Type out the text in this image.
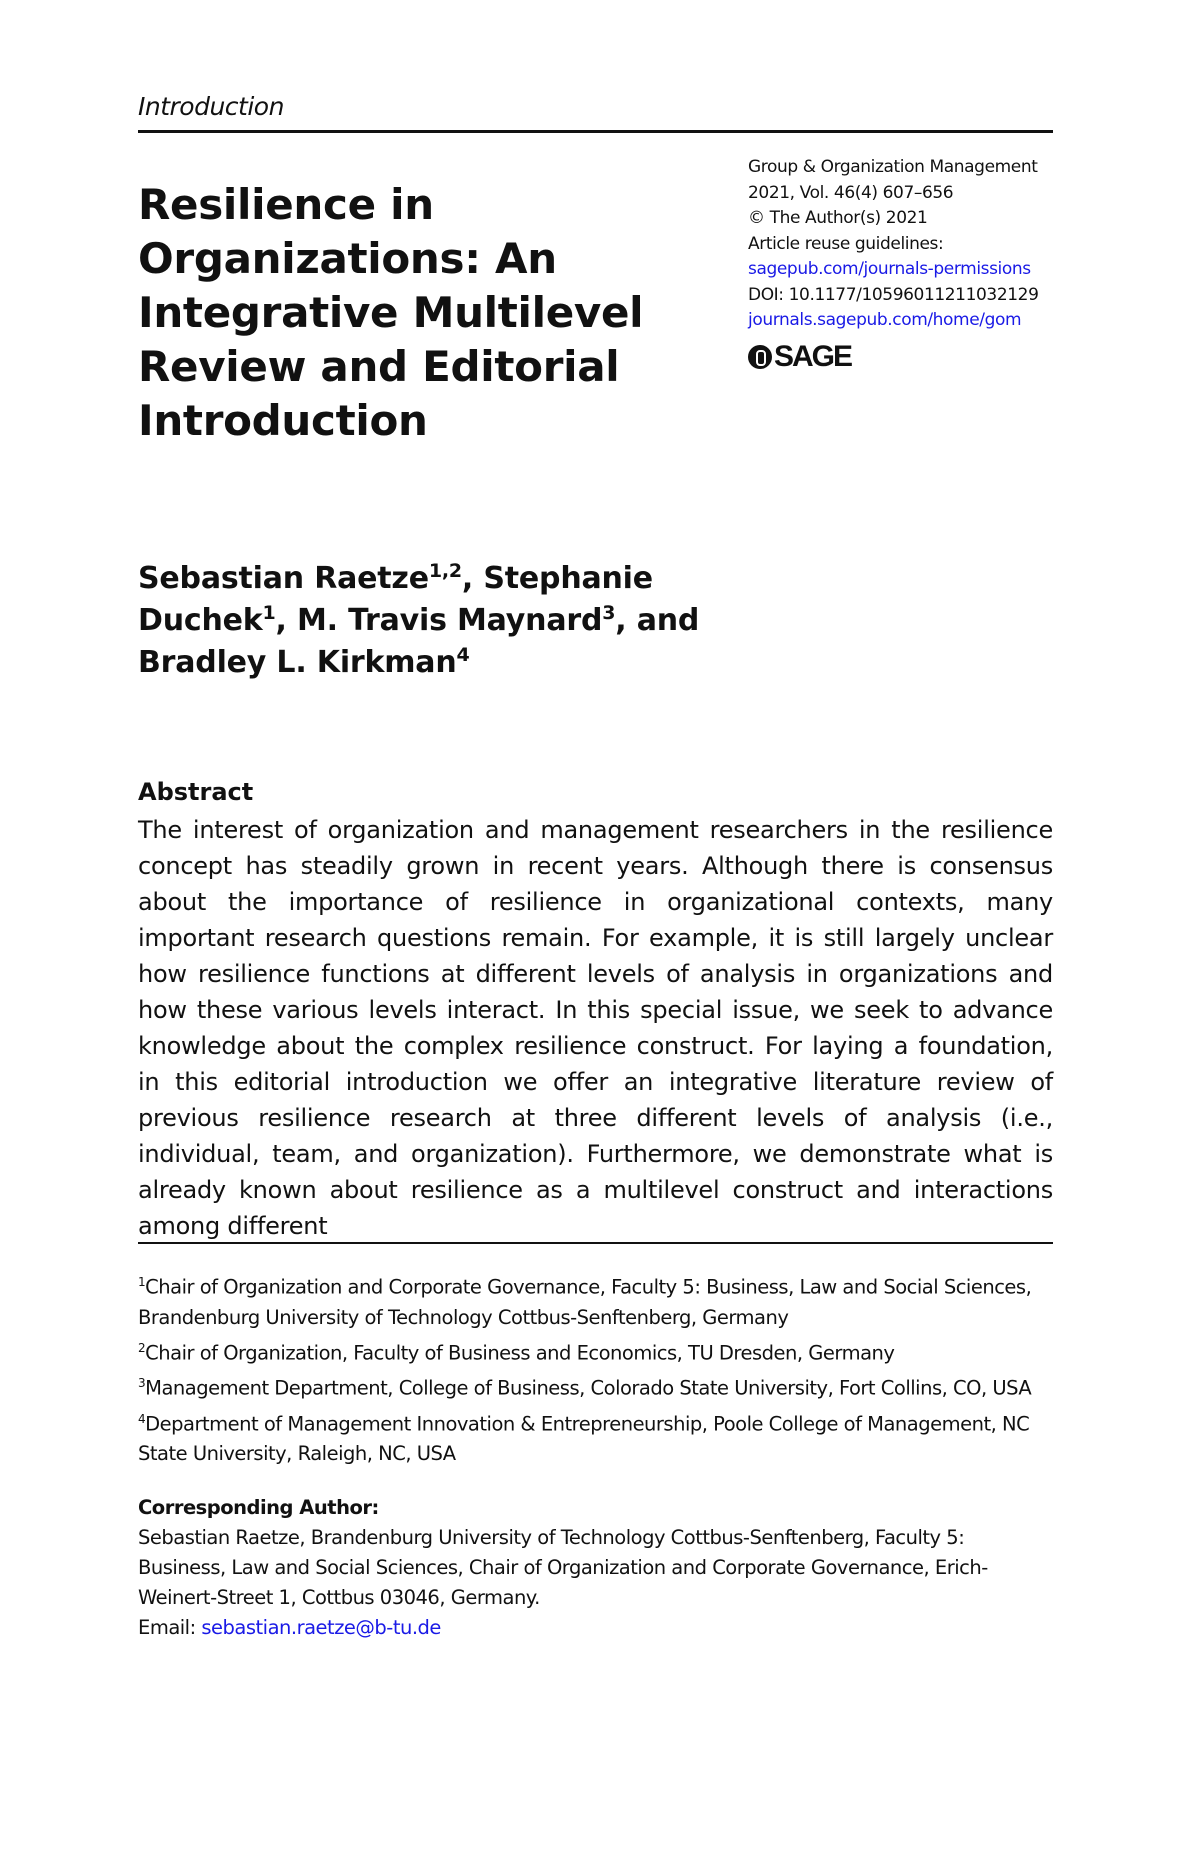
Introduction
Resilience in Organizations: An Integrative Multilevel Review and Editorial Introduction
Group & Organization Management
2021, Vol. 46(4) 607–656
© The Author(s) 2021
Article reuse guidelines:
sagepub.com/journals-permissions
DOI: 10.1177/10596011211032129
journals.sagepub.com/home/gom
SAGE

Sebastian Raetze$^{1,2}$, Stephanie Duchek$^1$, M. Travis Maynard$^3$, and Bradley L. Kirkman$^4$

Abstract

The interest of organization and management researchers in the resilience concept has steadily grown in recent years. Although there is consensus about the importance of resilience in organizational contexts, many important research questions remain. For example, it is still largely unclear how resilience functions at different levels of analysis in organizations and how these various levels interact. In this special issue, we seek to advance knowledge about the complex resilience construct. For laying a foundation, in this editorial introduction we offer an integrative literature review of previous resilience research at three different levels of analysis (i.e., individual, team, and organization). Furthermore, we demonstrate what is already known about resilience as a multilevel construct and interactions among different

$^1$Chair of Organization and Corporate Governance, Faculty 5: Business, Law and Social Sciences, Brandenburg University of Technology Cottbus-Senftenberg, Germany

$^2$Chair of Organization, Faculty of Business and Economics, TU Dresden, Germany

$^3$Management Department, College of Business, Colorado State University, Fort Collins, CO, USA

$^4$Department of Management Innovation & Entrepreneurship, Poole College of Management, NC State University, Raleigh, NC, USA

Corresponding Author:

Sebastian Raetze, Brandenburg University of Technology Cottbus-Senftenberg, Faculty 5: Business, Law and Social Sciences, Chair of Organization and Corporate Governance, Erich-Weinert-Street 1, Cottbus 03046, Germany.

Email: sebastian.raetze@b-tu.de
